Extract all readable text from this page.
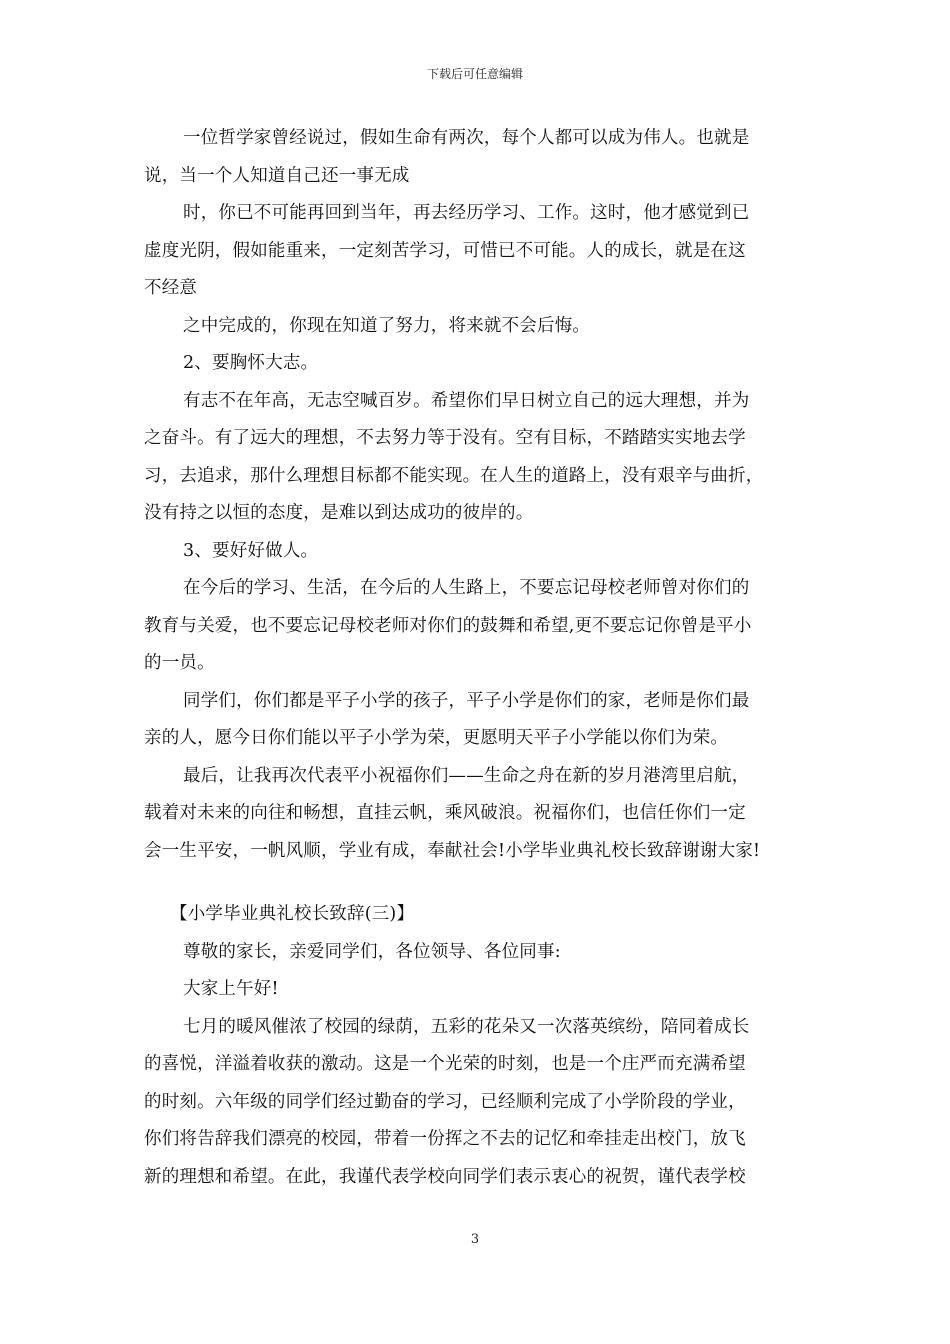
下载后可任意编辑

一位哲学家曾经说过，假如生命有两次，每个人都可以成为伟人。也就是

说，当一个人知道自己还一事无成

时，你已不可能再回到当年，再去经历学习、工作。这时，他才感觉到已

虚度光阴，假如能重来，一定刻苦学习，可惜已不可能。人的成长，就是在这

不经意

之中完成的，你现在知道了努力，将来就不会后悔。

2、要胸怀大志。

有志不在年高，无志空喊百岁。希望你们早日树立自己的远大理想，并为

之奋斗。有了远大的理想，不去努力等于没有。空有目标，不踏踏实实地去学

习，去追求，那什么理想目标都不能实现。在人生的道路上，没有艰辛与曲折，

没有持之以恒的态度，是难以到达成功的彼岸的。

3、要好好做人。

在今后的学习、生活，在今后的人生路上，不要忘记母校老师曾对你们的

教育与关爱，也不要忘记母校老师对你们的鼓舞和希望,更不要忘记你曾是平小

的一员。

同学们，你们都是平子小学的孩子，平子小学是你们的家，老师是你们最

亲的人，愿今日你们能以平子小学为荣，更愿明天平子小学能以你们为荣。

最后，让我再次代表平小祝福你们——生命之舟在新的岁月港湾里启航，

载着对未来的向往和畅想，直挂云帆，乘风破浪。祝福你们，也信任你们一定

会一生平安，一帆风顺，学业有成，奉献社会!小学毕业典礼校长致辞谢谢大家!

【小学毕业典礼校长致辞(三)】

尊敬的家长，亲爱同学们，各位领导、各位同事:

大家上午好!

七月的暖风催浓了校园的绿荫，五彩的花朵又一次落英缤纷，陪同着成长

的喜悦，洋溢着收获的激动。这是一个光荣的时刻，也是一个庄严而充满希望

的时刻。六年级的同学们经过勤奋的学习，已经顺利完成了小学阶段的学业，

你们将告辞我们漂亮的校园，带着一份挥之不去的记忆和牵挂走出校门，放飞

新的理想和希望。在此，我谨代表学校向同学们表示衷心的祝贺，谨代表学校

3
